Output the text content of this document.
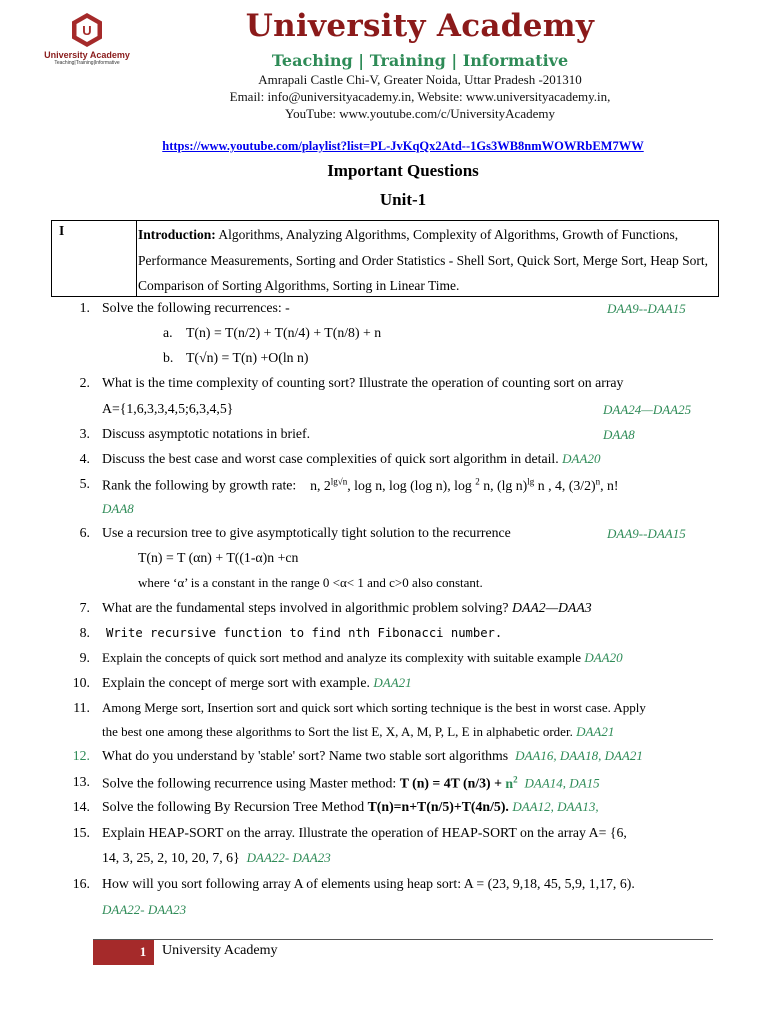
U
University Academy
Teaching|Training|Informative
University Academy
Teaching | Training | Informative
Amrapali Castle Chi-V, Greater Noida, Uttar Pradesh -201310
Email: info@universityacademy.in, Website: www.universityacademy.in,
YouTube: www.youtube.com/c/UniversityAcademy
https://www.youtube.com/playlist?list=PL-JvKqQx2Atd--1Gs3WB8nmWOWRbEM7WW
Important Questions
Unit-1
I	Introduction: Algorithms, Analyzing Algorithms, Complexity of Algorithms, Growth of Functions, Performance Measurements, Sorting and Order Statistics - Shell Sort, Quick Sort, Merge Sort, Heap Sort, Comparison of Sorting Algorithms, Sorting in Linear Time.
1. Solve the following recurrences: -	DAA9--DAA15
a. T(n) = T(n/2) + T(n/4) + T(n/8) + n
b. T(√n) = T(n) +O(ln n)
2. What is the time complexity of counting sort? Illustrate the operation of counting sort on array
A={1,6,3,3,4,5;6,3,4,5}	DAA24—DAA25
3. Discuss asymptotic notations in brief.	DAA8
4. Discuss the best case and worst case complexities of quick sort algorithm in detail. DAA20
5. Rank the following by growth rate: n, $2^{lg√n}$, log n, log (log n), log $^2$ n, (lg n)$^{lg}$ n , 4, $(3/2)^n$, n!
DAA8
6. Use a recursion tree to give asymptotically tight solution to the recurrence	DAA9--DAA15
T(n) = T (αn) + T((1-α)n +cn
where ‘α’ is a constant in the range 0 <α< 1 and c>0 also constant.
7. What are the fundamental steps involved in algorithmic problem solving? DAA2—DAA3
8. Write recursive function to find nth Fibonacci number.
9. Explain the concepts of quick sort method and analyze its complexity with suitable example DAA20
10. Explain the concept of merge sort with example. DAA21
11. Among Merge sort, Insertion sort and quick sort which sorting technique is the best in worst case. Apply
the best one among these algorithms to Sort the list E, X, A, M, P, L, E in alphabetic order. DAA21
12. What do you understand by 'stable' sort? Name two stable sort algorithms DAA16, DAA18, DAA21
13. Solve the following recurrence using Master method: T (n) = 4T $(n/3) + n^2$ DAA14, DA15
14. Solve the following By Recursion Tree Method T(n)=n+T(n/5)+T(4n/5). DAA12, DAA13,
15. Explain HEAP-SORT on the array. Illustrate the operation of HEAP-SORT on the array A= {6,
14, 3, 25, 2, 10, 20, 7, 6} DAA22- DAA23
16. How will you sort following array A of elements using heap sort: A = (23, 9,18, 45, 5,9, 1,17, 6).
DAA22- DAA23
1	University Academy
